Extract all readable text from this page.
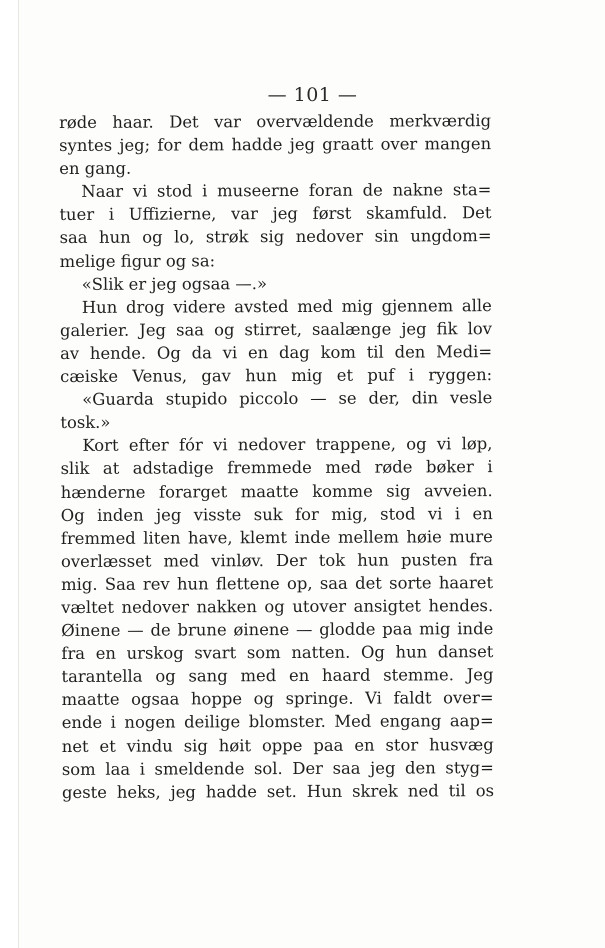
— 101 —
røde haar. Det var overvældende merkværdig
syntes jeg; for dem hadde jeg graatt over mangen
en gang.
Naar vi stod i museerne foran de nakne sta=
tuer i Uffizierne, var jeg først skamfuld. Det
saa hun og lo, strøk sig nedover sin ungdom=
melige figur og sa:
«Slik er jeg ogsaa —.»
Hun drog videre avsted med mig gjennem alle
galerier. Jeg saa og stirret, saalænge jeg fik lov
av hende. Og da vi en dag kom til den Medi=
cæiske Venus, gav hun mig et puf i ryggen:
«Guarda stupido piccolo — se der, din vesle
tosk.»
Kort efter fór vi nedover trappene, og vi løp,
slik at adstadige fremmede med røde bøker i
hænderne forarget maatte komme sig avveien.
Og inden jeg visste suk for mig, stod vi i en
fremmed liten have, klemt inde mellem høie mure
overlæsset med vinløv. Der tok hun pusten fra
mig. Saa rev hun flettene op, saa det sorte haaret
væltet nedover nakken og utover ansigtet hendes.
Øinene — de brune øinene — glodde paa mig inde
fra en urskog svart som natten. Og hun danset
tarantella og sang med en haard stemme. Jeg
maatte ogsaa hoppe og springe. Vi faldt over=
ende i nogen deilige blomster. Med engang aap=
net et vindu sig høit oppe paa en stor husvæg
som laa i smeldende sol. Der saa jeg den styg=
geste heks, jeg hadde set. Hun skrek ned til os
